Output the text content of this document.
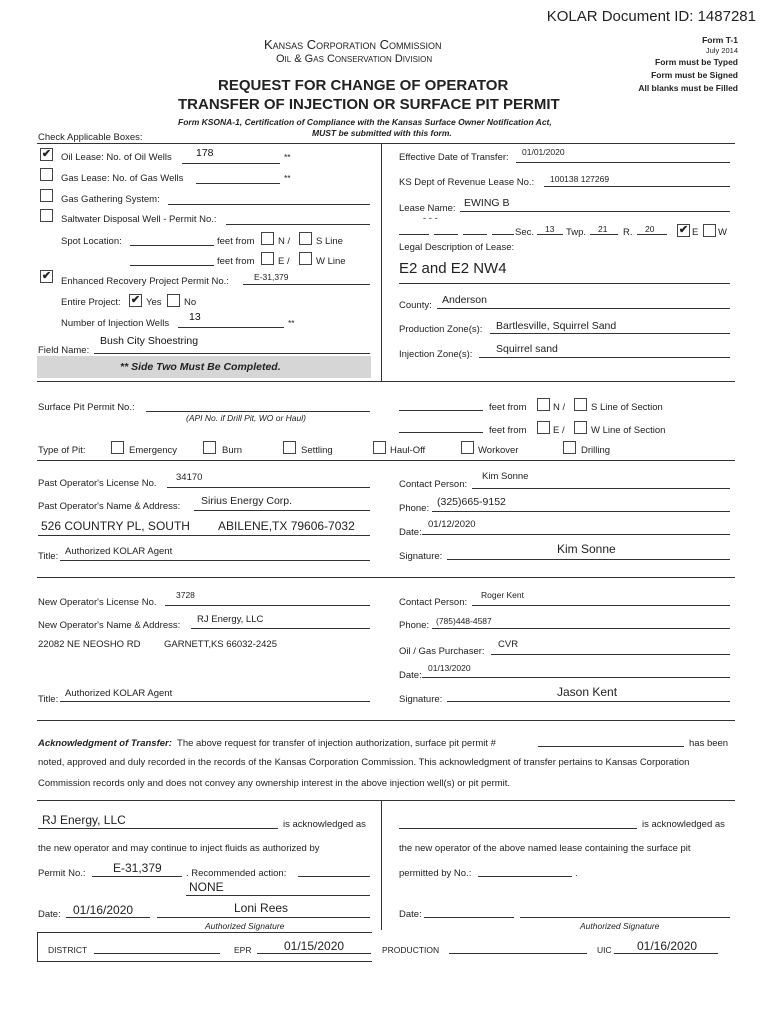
KOLAR Document ID: 1487281
Kansas Corporation Commission
Oil & Gas Conservation Division
REQUEST FOR CHANGE OF OPERATOR
TRANSFER OF INJECTION OR SURFACE PIT PERMIT
Form T-1
July 2014
Form must be Typed
Form must be Signed
All blanks must be Filled
Form KSONA-1, Certification of Compliance with the Kansas Surface Owner Notification Act,
MUST be submitted with this form.
Check Applicable Boxes:
✔ Oil Lease: No. of Oil Wells 178	**
Gas Lease: No. of Gas Wells	**
Gas Gathering System:
Saltwater Disposal Well - Permit No.:
Spot Location:	feet from N /	S Line
feet from E /	W Line
✔ Enhanced Recovery Project Permit No.:	E-31,379
Entire Project: ✔ Yes No
Number of Injection Wells
13	**
Field Name:
Bush City Shoestring
** Side Two Must Be Completed.
Effective Date of Transfer: 01/01/2020
KS Dept of Revenue Lease No.: 100138 127269
Lease Name: EWING B
- - -
Sec. 13 Twp. 21 R. 20 ✔ E W
Legal Description of Lease:
E2 and E2 NW4
County: Anderson
Production Zone(s): Bartlesville, Squirrel Sand
Injection Zone(s): Squirrel sand
Surface Pit Permit No.:
(API No. if Drill Pit, WO or Haul)
feet from	N /	S Line of Section
feet from	E /	W Line of Section
Type of Pit:	Emergency	Burn	Settling	Haul-Off	Workover	Drilling
Past Operator's License No.
34170
Past Operator's Name & Address: Sirius Energy Corp.
526 COUNTRY PL, SOUTH ABILENE,TX 79606-7032
Title: Authorized KOLAR Agent
Contact Person:
Kim Sonne
Phone:
(325)665-9152
Date:
01/12/2020
Signature:
Kim Sonne
New Operator's License No.
3728
New Operator's Name & Address:
RJ Energy, LLC
22082 NE NEOSHO RD GARNETT,KS 66032-2425
Title:
Authorized KOLAR Agent
Contact Person:
Roger Kent
Phone: (785)448-4587
Oil / Gas Purchaser:
CVR
Date:
01/13/2020
Signature:
Jason Kent
Acknowledgment of Transfer: The above request for transfer of injection authorization, surface pit permit #	has been
noted, approved and duly recorded in the records of the Kansas Corporation Commission. This acknowledgment of transfer pertains to Kansas Corporation
Commission records only and does not convey any ownership interest in the above injection well(s) or pit permit.
RJ Energy, LLC	is acknowledged as
the new operator and may continue to inject fluids as authorized by
Permit No.: E-31,379	. Recommended action:
NONE
Date: 01/16/2020	Loni Rees
Authorized Signature
is acknowledged as
the new operator of the above named lease containing the surface pit
permitted by No.:	.
Date:
Authorized Signature
DISTRICT	EPR	01/15/2020	PRODUCTION	UIC 01/16/2020
